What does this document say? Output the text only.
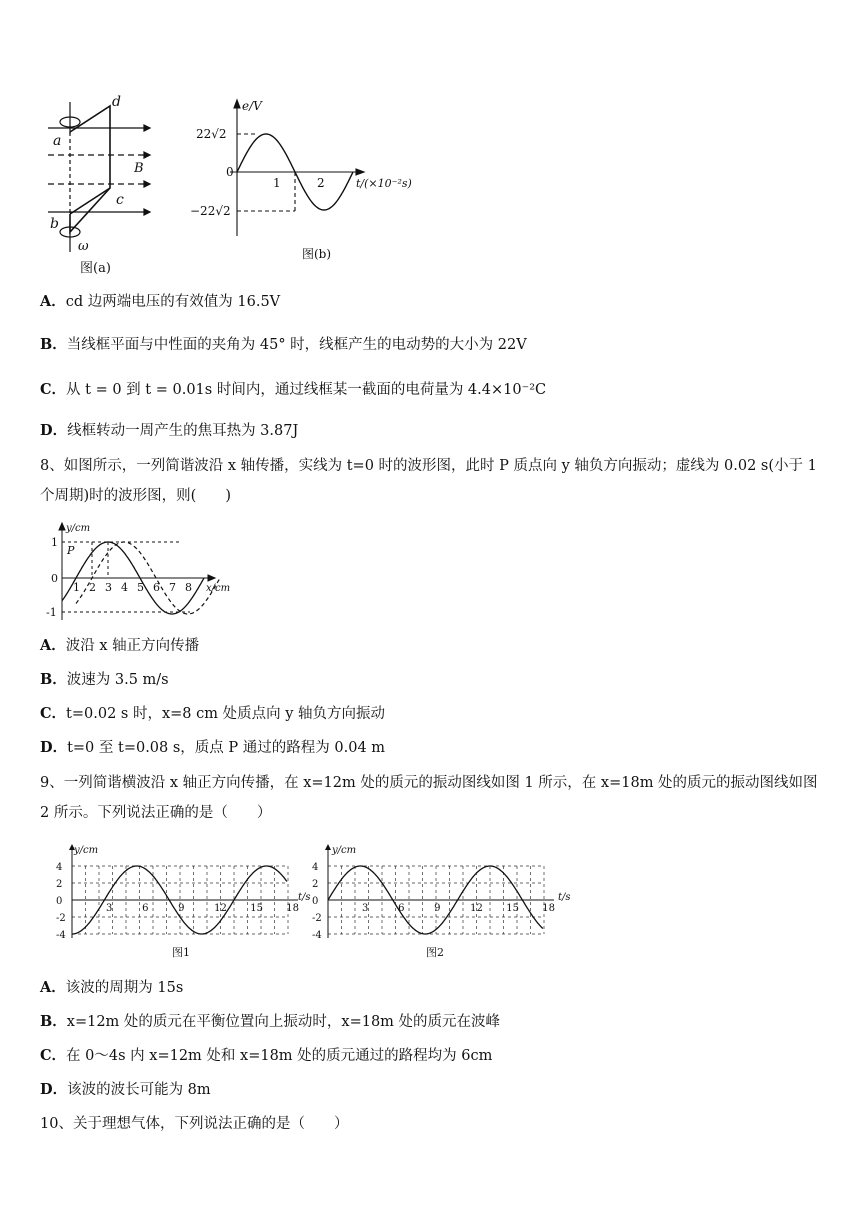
a
b
c
d
B
ω
图(a)
e/V
22√2
−22√2
0
1	2	t/(×10⁻²s)
图(b)
A．cd 边两端电压的有效值为 16.5V
B．当线框平面与中性面的夹角为 45° 时，线框产生的电动势的大小为 22V
C．从 t = 0 到 t = 0.01s 时间内，通过线框某一截面的电荷量为 4.4×10⁻²C
D．线框转动一周产生的焦耳热为 3.87J
8、如图所示，一列简谐波沿 x 轴传播，实线为 t=0 时的波形图，此时 P 质点向 y 轴负方向振动；虚线为 0.02 s(小于 1 个周期)时的波形图，则(　　)
y/cm
P
1
0
-1
1 2 3 4 5 6 7 8 x/cm
A．波沿 x 轴正方向传播
B．波速为 3.5 m/s
C．t=0.02 s 时，x=8 cm 处质点向 y 轴负方向振动
D．t=0 至 t=0.08 s，质点 P 通过的路程为 0.04 m
9、一列简谐横波沿 x 轴正方向传播，在 x=12m 处的质元的振动图线如图 1 所示，在 x=18m 处的质元的振动图线如图 2 所示。下列说法正确的是（　　）
4
2
0
-2
-4
3	6	9	12 15 18
y/cm
t/s
图1
4
2
0
-2
-4
3	6	9	12 15 18
y/cm
t/s
图2
A．该波的周期为 15s
B．x=12m 处的质元在平衡位置向上振动时，x=18m 处的质元在波峰
C．在 0～4s 内 x=12m 处和 x=18m 处的质元通过的路程均为 6cm
D．该波的波长可能为 8m
10、关于理想气体，下列说法正确的是（　　）
